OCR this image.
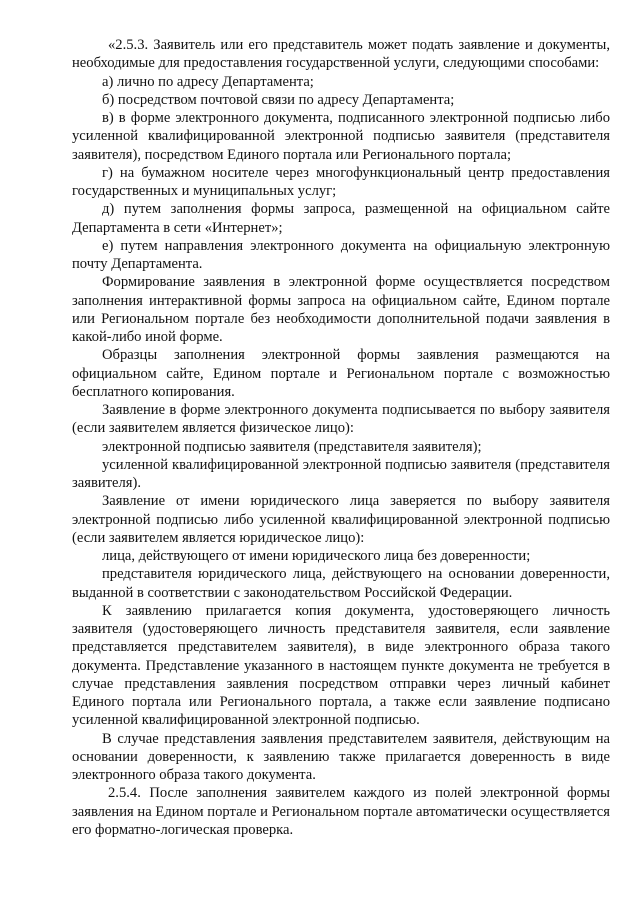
«2.5.3. Заявитель или его представитель может подать заявление и документы, необходимые для предоставления государственной услуги, следующими способами:

а) лично по адресу Департамента;

б) посредством почтовой связи по адресу Департамента;

в) в форме электронного документа, подписанного электронной подписью либо усиленной квалифицированной электронной подписью заявителя (представителя заявителя), посредством Единого портала или Регионального портала;

г) на бумажном носителе через многофункциональный центр предоставления государственных и муниципальных услуг;

д) путем заполнения формы запроса, размещенной на официальном сайте Департамента в сети «Интернет»;

е) путем направления электронного документа на официальную электронную почту Департамента.

Формирование заявления в электронной форме осуществляется посредством заполнения интерактивной формы запроса на официальном сайте, Едином портале или Региональном портале без необходимости дополнительной подачи заявления в какой-либо иной форме.

Образцы заполнения электронной формы заявления размещаются на официальном сайте, Едином портале и Региональном портале с возможностью бесплатного копирования.

Заявление в форме электронного документа подписывается по выбору заявителя (если заявителем является физическое лицо):

электронной подписью заявителя (представителя заявителя);

усиленной квалифицированной электронной подписью заявителя (представителя заявителя).

Заявление от имени юридического лица заверяется по выбору заявителя электронной подписью либо усиленной квалифицированной электронной подписью (если заявителем является юридическое лицо):

лица, действующего от имени юридического лица без доверенности;

представителя юридического лица, действующего на основании доверенности, выданной в соответствии с законодательством Российской Федерации.

К заявлению прилагается копия документа, удостоверяющего личность заявителя (удостоверяющего личность представителя заявителя, если заявление представляется представителем заявителя), в виде электронного образа такого документа. Представление указанного в настоящем пункте документа не требуется в случае представления заявления посредством отправки через личный кабинет Единого портала или Регионального портала, а также если заявление подписано усиленной квалифицированной электронной подписью.

В случае представления заявления представителем заявителя, действующим на основании доверенности, к заявлению также прилагается доверенность в виде электронного образа такого документа.

2.5.4. После заполнения заявителем каждого из полей электронной формы заявления на Едином портале и Региональном портале автоматически осуществляется его форматно-логическая проверка.
